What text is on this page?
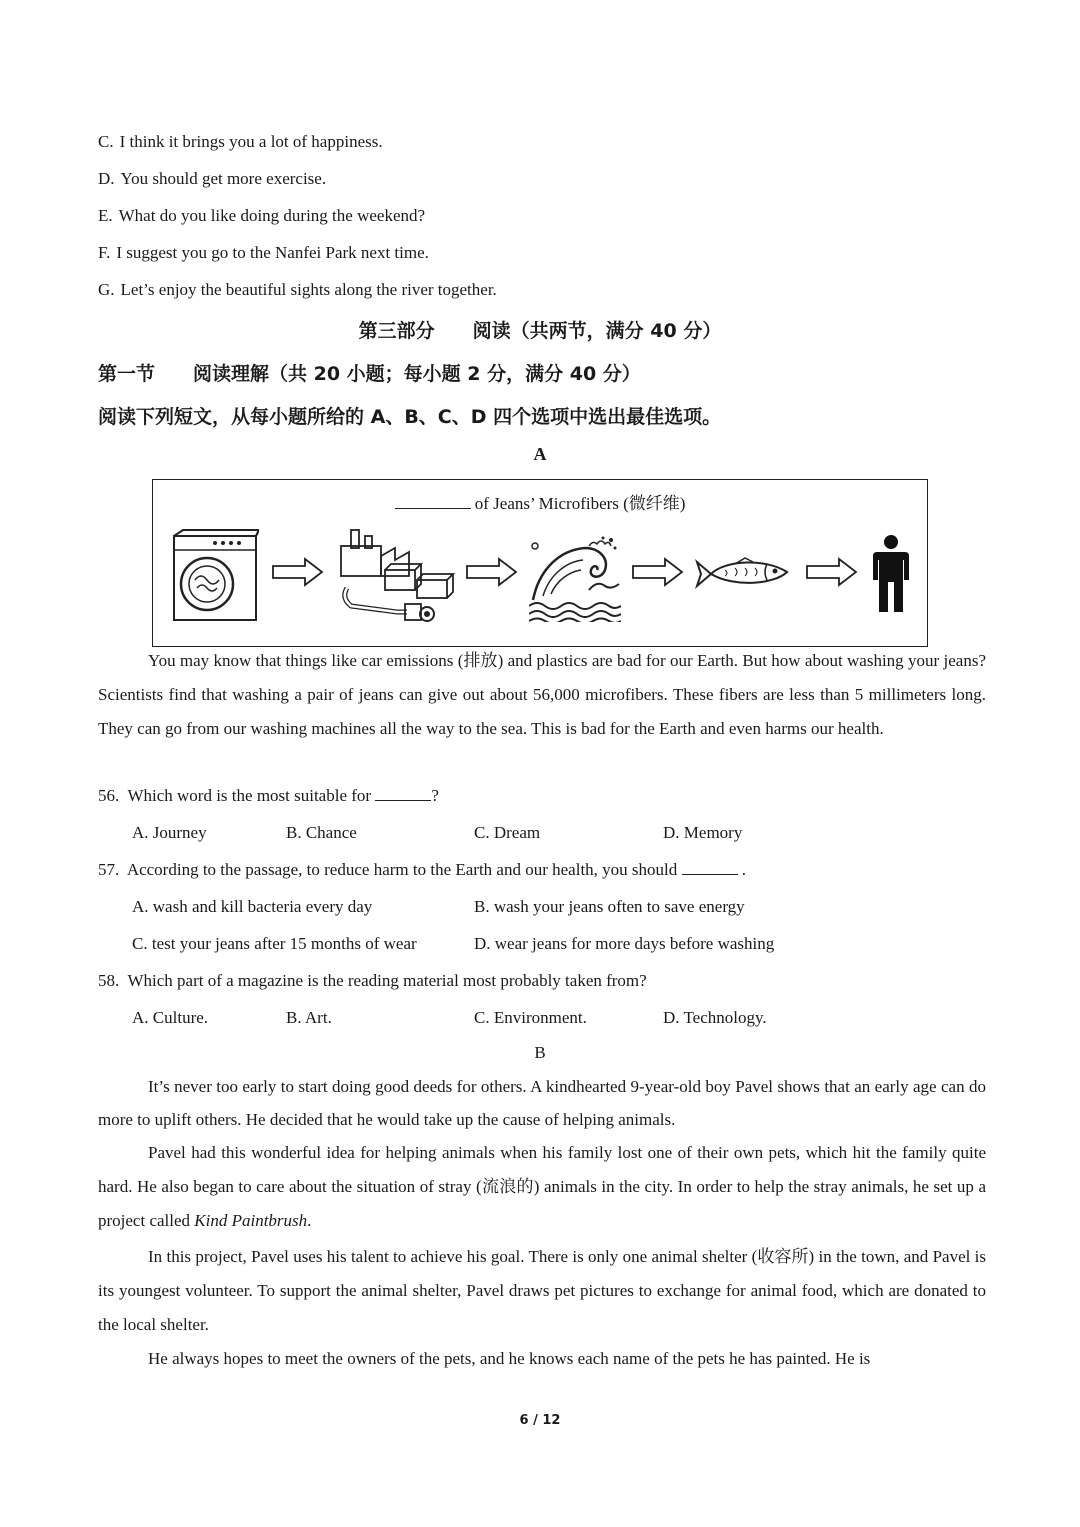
C. I think it brings you a lot of happiness.
D. You should get more exercise.
E. What do you like doing during the weekend?
F. I suggest you go to the Nanfei Park next time.
G. Let’s enjoy the beautiful sights along the river together.
第三部分　　阅读（共两节，满分 40 分）
第一节　　阅读理解（共 20 小题；每小题 2 分，满分 40 分）
阅读下列短文，从每小题所给的 A、B、C、D 四个选项中选出最佳选项。
A
of Jeans’ Microfibers (微纤维)
You may know that things like car emissions (排放) and plastics are bad for our Earth. But how about washing your jeans? Scientists find that washing a pair of jeans can give out about 56,000 microfibers. These fibers are less than 5 millimeters long. They can go from our washing machines all the way to the sea. This is bad for the Earth and even harms our health.
56. Which word is the most suitable for	?
A. Journey	B. Chance	C. Dream	D. Memory
57. According to the passage, to reduce harm to the Earth and our health, you should	.
A. wash and kill bacteria every day	B. wash your jeans often to save energy
C. test your jeans after 15 months of wear	D. wear jeans for more days before washing
58. Which part of a magazine is the reading material most probably taken from?
A. Culture.	B. Art.	C. Environment.	D. Technology.
B
It’s never too early to start doing good deeds for others. A kindhearted 9-year-old boy Pavel shows that an early age can do more to uplift others. He decided that he would take up the cause of helping animals.
Pavel had this wonderful idea for helping animals when his family lost one of their own pets, which hit the family quite hard. He also began to care about the situation of stray (流浪的) animals in the city. In order to help the stray animals, he set up a project called Kind Paintbrush.
In this project, Pavel uses his talent to achieve his goal. There is only one animal shelter (收容所) in the town, and Pavel is its youngest volunteer. To support the animal shelter, Pavel draws pet pictures to exchange for animal food, which are donated to the local shelter.
He always hopes to meet the owners of the pets, and he knows each name of the pets he has painted. He is
6 / 12
